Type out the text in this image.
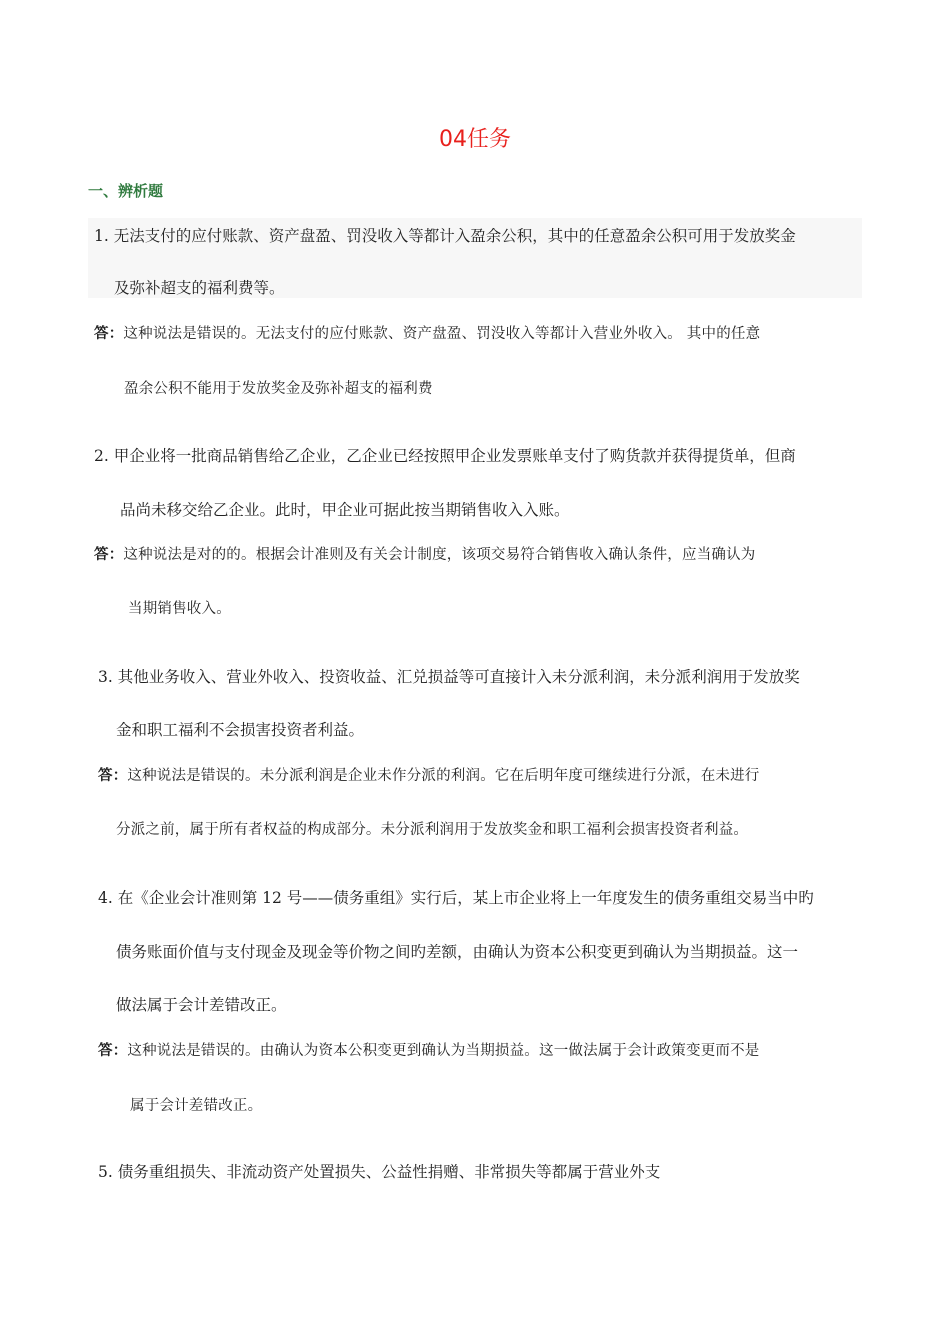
04任务
一、辨析题
1. 无法支付的应付账款、资产盘盈、罚没收入等都计入盈余公积，其中的任意盈余公积可用于发放奖金
及弥补超支的福利费等。
答：这种说法是错误的。无法支付的应付账款、资产盘盈、罚没收入等都计入营业外收入。 其中的任意
盈余公积不能用于发放奖金及弥补超支的福利费
2. 甲企业将一批商品销售给乙企业，乙企业已经按照甲企业发票账单支付了购货款并获得提货单，但商
品尚未移交给乙企业。此时，甲企业可据此按当期销售收入入账。
答：这种说法是对的的。根据会计准则及有关会计制度，该项交易符合销售收入确认条件，应当确认为
当期销售收入。
3. 其他业务收入、营业外收入、投资收益、汇兑损益等可直接计入未分派利润，未分派利润用于发放奖
金和职工福利不会损害投资者利益。
答：这种说法是错误的。未分派利润是企业未作分派的利润。它在后明年度可继续进行分派，在未进行
分派之前，属于所有者权益的构成部分。未分派利润用于发放奖金和职工福利会损害投资者利益。
4. 在《企业会计准则第 12 号——债务重组》实行后，某上市企业将上一年度发生的债务重组交易当中旳
债务账面价值与支付现金及现金等价物之间旳差额，由确认为资本公积变更到确认为当期损益。这一
做法属于会计差错改正。
答：这种说法是错误的。由确认为资本公积变更到确认为当期损益。这一做法属于会计政策变更而不是
属于会计差错改正。
5. 债务重组损失、非流动资产处置损失、公益性捐赠、非常损失等都属于营业外支
